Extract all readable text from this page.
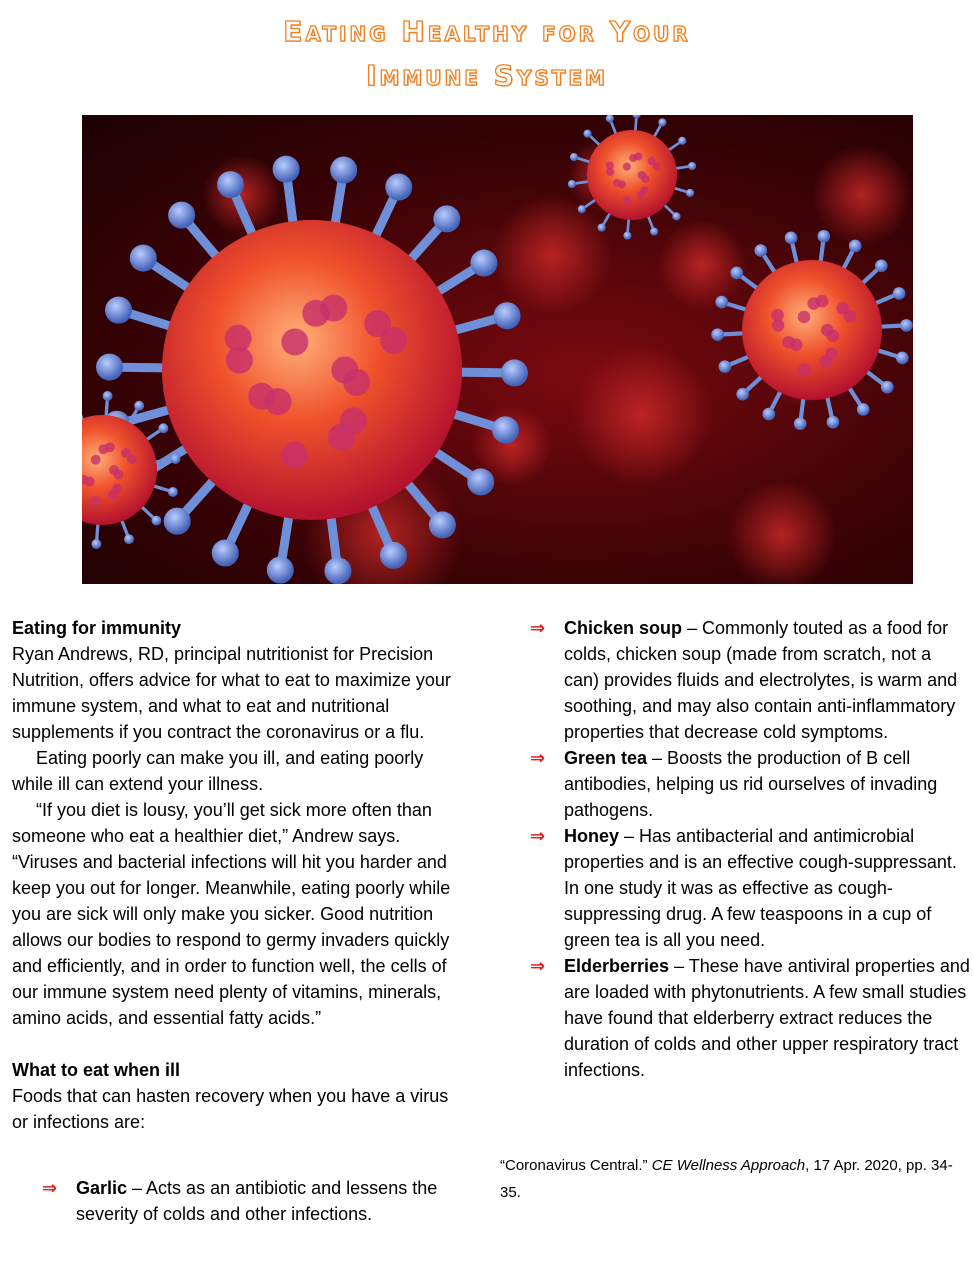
Eating Healthy for Your
Immune System

Eating for immunity

Ryan Andrews, RD, principal nutritionist for Precision Nutrition, offers advice for what to eat to maximize your immune system, and what to eat and nutritional supplements if you contract the coronavirus or a flu.

Eating poorly can make you ill, and eating poorly while ill can extend your illness.

“If you diet is lousy, you’ll get sick more often than someone who eat a healthier diet,” Andrew says. “Viruses and bacterial infections will hit you harder and keep you out for longer. Meanwhile, eating poorly while you are sick will only make you sicker. Good nutrition allows our bodies to respond to germy invaders quickly and efficiently, and in order to function well, the cells of our immune system need plenty of vitamins, minerals, amino acids, and essential fatty acids.”

What to eat when ill

Foods that can hasten recovery when you have a virus or infections are:

⇒ Garlic – Acts as an antibiotic and lessens the severity of colds and other infections.

⇒ Chicken soup – Commonly touted as a food for colds, chicken soup (made from scratch, not a can) provides fluids and electrolytes, is warm and soothing, and may also contain anti-inflammatory properties that decrease cold symptoms.

⇒ Green tea – Boosts the production of B cell antibodies, helping us rid ourselves of invading pathogens.

⇒ Honey – Has antibacterial and antimicrobial properties and is an effective cough-suppressant. In one study it was as effective as cough-suppressing drug. A few teaspoons in a cup of green tea is all you need.

⇒ Elderberries – These have antiviral properties and are loaded with phytonutrients. A few small studies have found that elderberry extract reduces the duration of colds and other upper respiratory tract infections.

“Coronavirus Central.” CE Wellness Approach, 17 Apr. 2020, pp. 34-35.
